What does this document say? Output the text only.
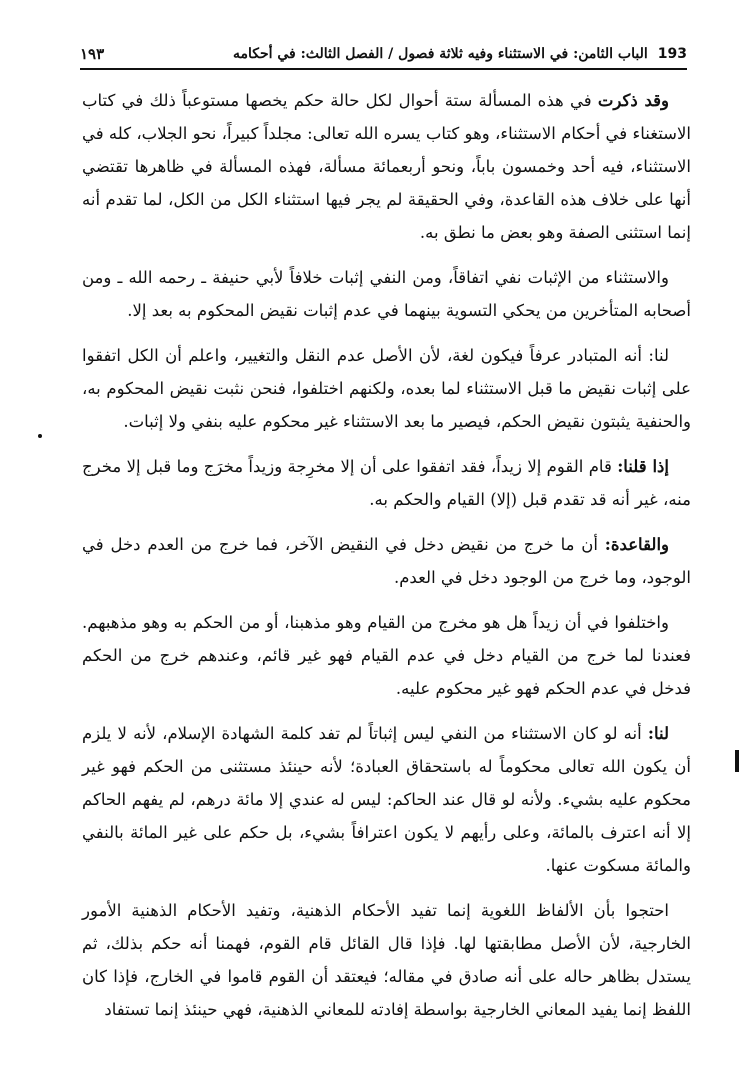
193
الباب الثامن: في الاستثناء وفيه ثلاثة فصول / الفصل الثالث: في أحكامه
١٩٣

وقد ذكرت في هذه المسألة ستة أحوال لكل حالة حكم يخصها مستوعباً ذلك في كتاب الاستغناء في أحكام الاستثناء، وهو كتاب يسره الله تعالى: مجلداً كبيراً، نحو الجلاب، كله في الاستثناء، فيه أحد وخمسون باباً، ونحو أربعمائة مسألة، فهذه المسألة في ظاهرها تقتضي أنها على خلاف هذه القاعدة، وفي الحقيقة لم يجر فيها استثناء الكل من الكل، لما تقدم أنه إنما استثنى الصفة وهو بعض ما نطق به.

والاستثناء من الإثبات نفي اتفاقاً، ومن النفي إثبات خلافاً لأبي حنيفة ـ رحمه الله ـ ومن أصحابه المتأخرين من يحكي التسوية بينهما في عدم إثبات نقيض المحكوم به بعد إلا.

لنا: أنه المتبادر عرفاً فيكون لغة، لأن الأصل عدم النقل والتغيير، واعلم أن الكل اتفقوا على إثبات نقيض ما قبل الاستثناء لما بعده، ولكنهم اختلفوا، فنحن نثبت نقيض المحكوم به، والحنفية يثبتون نقيض الحكم، فيصير ما بعد الاستثناء غير محكوم عليه بنفي ولا إثبات.

إذا قلنا: قام القوم إلا زيداً، فقد اتفقوا على أن إلا مخرِجة وزيداً مخرَج وما قبل إلا مخرج منه، غير أنه قد تقدم قبل (إلا) القيام والحكم به.

والقاعدة: أن ما خرج من نقيض دخل في النقيض الآخر، فما خرج من العدم دخل في الوجود، وما خرج من الوجود دخل في العدم.

واختلفوا في أن زيداً هل هو مخرج من القيام وهو مذهبنا، أو من الحكم به وهو مذهبهم. فعندنا لما خرج من القيام دخل في عدم القيام فهو غير قائم، وعندهم خرج من الحكم فدخل في عدم الحكم فهو غير محكوم عليه.

لنا: أنه لو كان الاستثناء من النفي ليس إثباتاً لم تفد كلمة الشهادة الإسلام، لأنه لا يلزم أن يكون الله تعالى محكوماً له باستحقاق العبادة؛ لأنه حينئذ مستثنى من الحكم فهو غير محكوم عليه بشيء. ولأنه لو قال عند الحاكم: ليس له عندي إلا مائة درهم، لم يفهم الحاكم إلا أنه اعترف بالمائة، وعلى رأيهم لا يكون اعترافاً بشيء، بل حكم على غير المائة بالنفي والمائة مسكوت عنها.

احتجوا بأن الألفاظ اللغوية إنما تفيد الأحكام الذهنية، وتفيد الأحكام الذهنية الأمور الخارجية، لأن الأصل مطابقتها لها. فإذا قال القائل قام القوم، فهمنا أنه حكم بذلك، ثم يستدل بظاهر حاله على أنه صادق في مقاله؛ فيعتقد أن القوم قاموا في الخارج، فإذا كان اللفظ إنما يفيد المعاني الخارجية بواسطة إفادته للمعاني الذهنية، فهي حينئذ إنما تستفاد
